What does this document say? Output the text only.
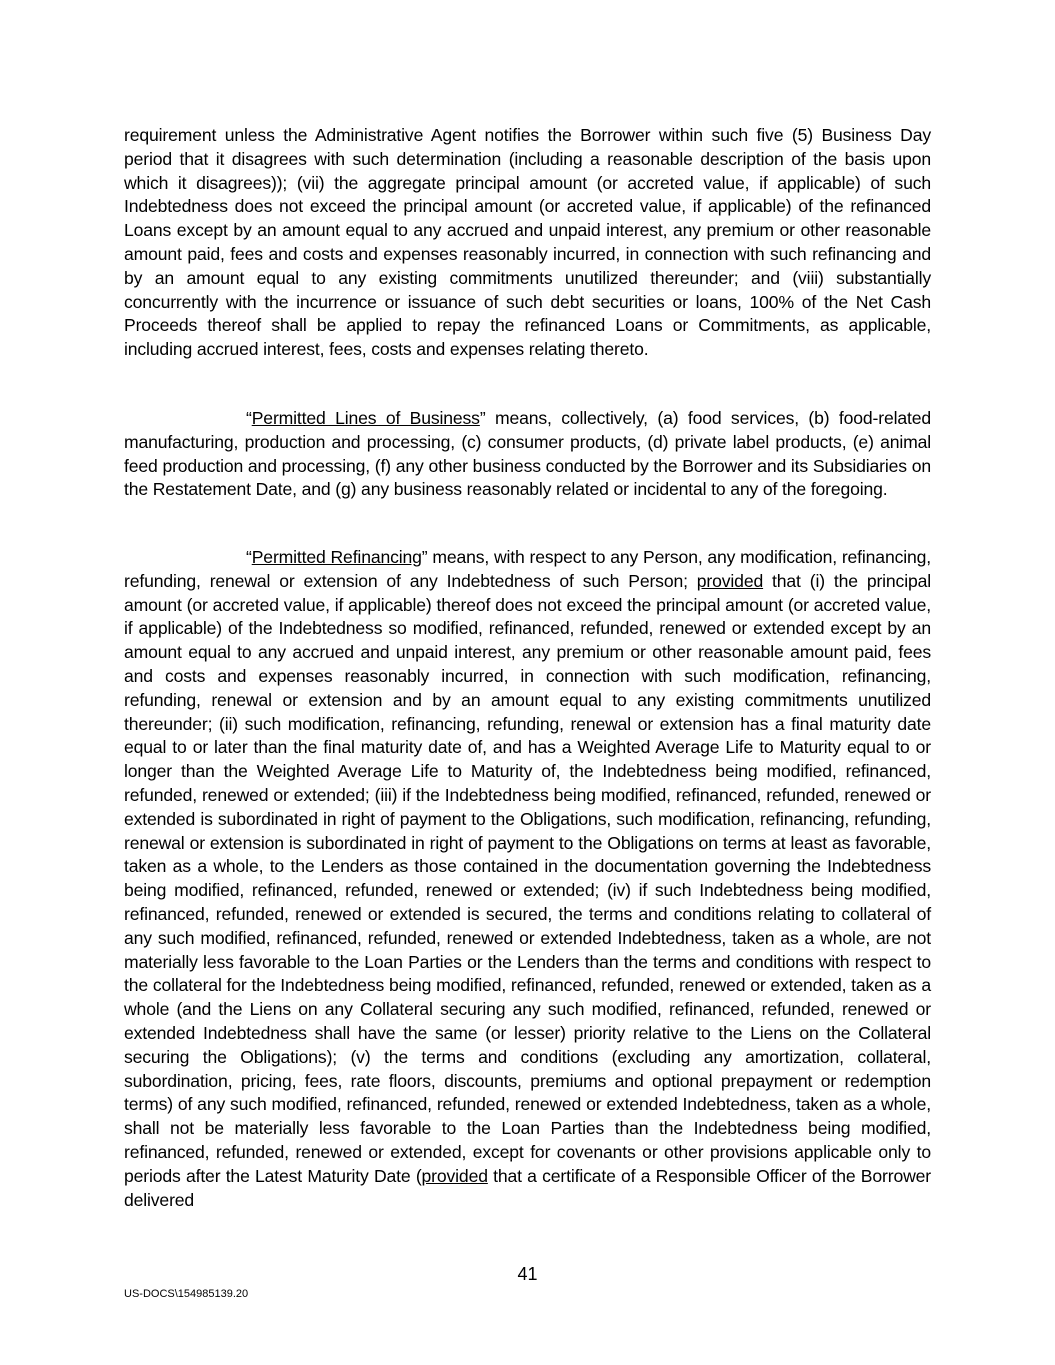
requirement unless the Administrative Agent notifies the Borrower within such five (5) Business Day period that it disagrees with such determination (including a reasonable description of the basis upon which it disagrees)); (vii) the aggregate principal amount (or accreted value, if applicable) of such Indebtedness does not exceed the principal amount (or accreted value, if applicable) of the refinanced Loans except by an amount equal to any accrued and unpaid interest, any premium or other reasonable amount paid, fees and costs and expenses reasonably incurred, in connection with such refinancing and by an amount equal to any existing commitments unutilized thereunder; and (viii) substantially concurrently with the incurrence or issuance of such debt securities or loans, 100% of the Net Cash Proceeds thereof shall be applied to repay the refinanced Loans or Commitments, as applicable, including accrued interest, fees, costs and expenses relating thereto.

“Permitted Lines of Business” means, collectively, (a) food services, (b) food-related manufacturing, production and processing, (c) consumer products, (d) private label products, (e) animal feed production and processing, (f) any other business conducted by the Borrower and its Subsidiaries on the Restatement Date, and (g) any business reasonably related or incidental to any of the foregoing.

“Permitted Refinancing” means, with respect to any Person, any modification, refinancing, refunding, renewal or extension of any Indebtedness of such Person; provided that (i) the principal amount (or accreted value, if applicable) thereof does not exceed the principal amount (or accreted value, if applicable) of the Indebtedness so modified, refinanced, refunded, renewed or extended except by an amount equal to any accrued and unpaid interest, any premium or other reasonable amount paid, fees and costs and expenses reasonably incurred, in connection with such modification, refinancing, refunding, renewal or extension and by an amount equal to any existing commitments unutilized thereunder; (ii) such modification, refinancing, refunding, renewal or extension has a final maturity date equal to or later than the final maturity date of, and has a Weighted Average Life to Maturity equal to or longer than the Weighted Average Life to Maturity of, the Indebtedness being modified, refinanced, refunded, renewed or extended; (iii) if the Indebtedness being modified, refinanced, refunded, renewed or extended is subordinated in right of payment to the Obligations, such modification, refinancing, refunding, renewal or extension is subordinated in right of payment to the Obligations on terms at least as favorable, taken as a whole, to the Lenders as those contained in the documentation governing the Indebtedness being modified, refinanced, refunded, renewed or extended; (iv) if such Indebtedness being modified, refinanced, refunded, renewed or extended is secured, the terms and conditions relating to collateral of any such modified, refinanced, refunded, renewed or extended Indebtedness, taken as a whole, are not materially less favorable to the Loan Parties or the Lenders than the terms and conditions with respect to the collateral for the Indebtedness being modified, refinanced, refunded, renewed or extended, taken as a whole (and the Liens on any Collateral securing any such modified, refinanced, refunded, renewed or extended Indebtedness shall have the same (or lesser) priority relative to the Liens on the Collateral securing the Obligations); (v) the terms and conditions (excluding any amortization, collateral, subordination, pricing, fees, rate floors, discounts, premiums and optional prepayment or redemption terms) of any such modified, refinanced, refunded, renewed or extended Indebtedness, taken as a whole, shall not be materially less favorable to the Loan Parties than the Indebtedness being modified, refinanced, refunded, renewed or extended, except for covenants or other provisions applicable only to periods after the Latest Maturity Date (provided that a certificate of a Responsible Officer of the Borrower delivered

41

US-DOCS\154985139.20
